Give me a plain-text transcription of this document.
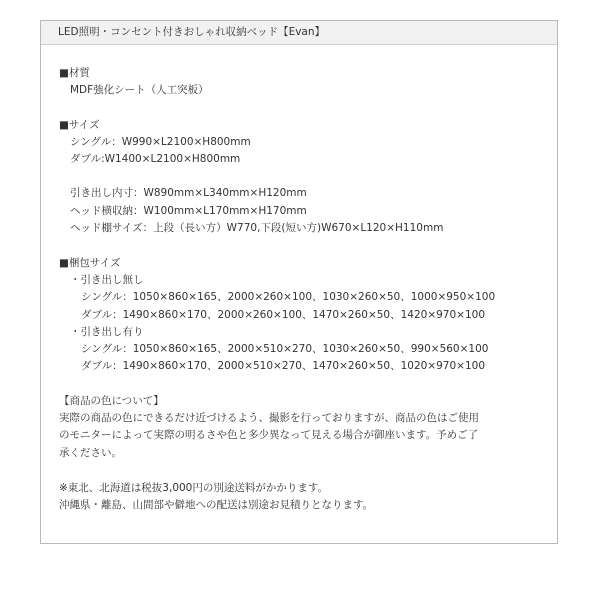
LED照明・コンセント付きおしゃれ収納ベッド【Evan】
■材質
MDF強化シート（人工突板）
■サイズ
シングル：W990×L2100×H800mm
ダブル:W1400×L2100×H800mm
引き出し内寸：W890mm×L340mm×H120mm
ヘッド横収納：W100mm×L170mm×H170mm
ヘッド棚サイズ：上段（長い方）W770,下段(短い方)W670×L120×H110mm
■梱包サイズ
・引き出し無し
シングル：1050×860×165、2000×260×100、1030×260×50、1000×950×100
ダブル：1490×860×170、2000×260×100、1470×260×50、1420×970×100
・引き出し有り
シングル：1050×860×165、2000×510×270、1030×260×50、990×560×100
ダブル：1490×860×170、2000×510×270、1470×260×50、1020×970×100
【商品の色について】
実際の商品の色にできるだけ近づけるよう、撮影を行っておりますが、商品の色はご使用
のモニターによって実際の明るさや色と多少異なって見える場合が御座います。予めご了
承ください。
※東北、北海道は税抜3,000円の別途送料がかかります。
沖縄県・離島、山間部や僻地への配送は別途お見積りとなります。
